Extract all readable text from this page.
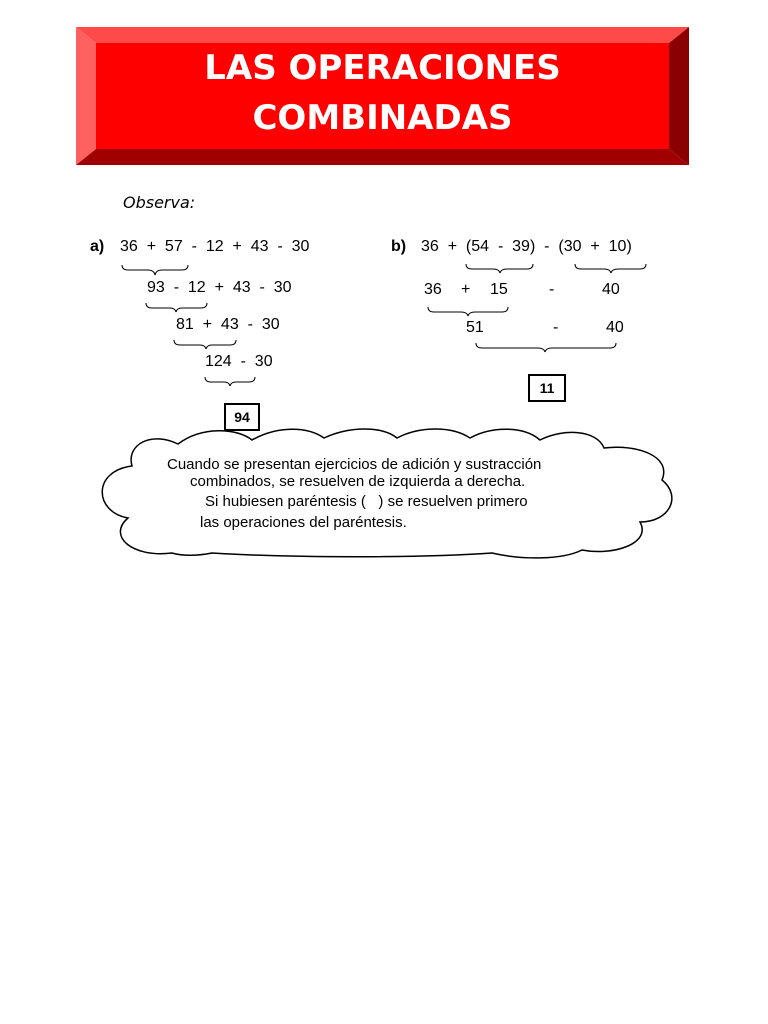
LAS OPERACIONES
COMBINADAS
Observa:
a) 36  +  57  -  12  +  43  -  30
93  -  12  +  43  -  30
81  +  43  -  30
124  -  30
94
b) 36  +  (54  -  39)  -  (30  +  10)
36 + 15	-	40
51	-	40
11
Cuando se presentan ejercicios de adición y sustracción
combinados, se resuelven de izquierda a derecha.
Si hubiesen paréntesis (   ) se resuelven primero
las operaciones del paréntesis.
